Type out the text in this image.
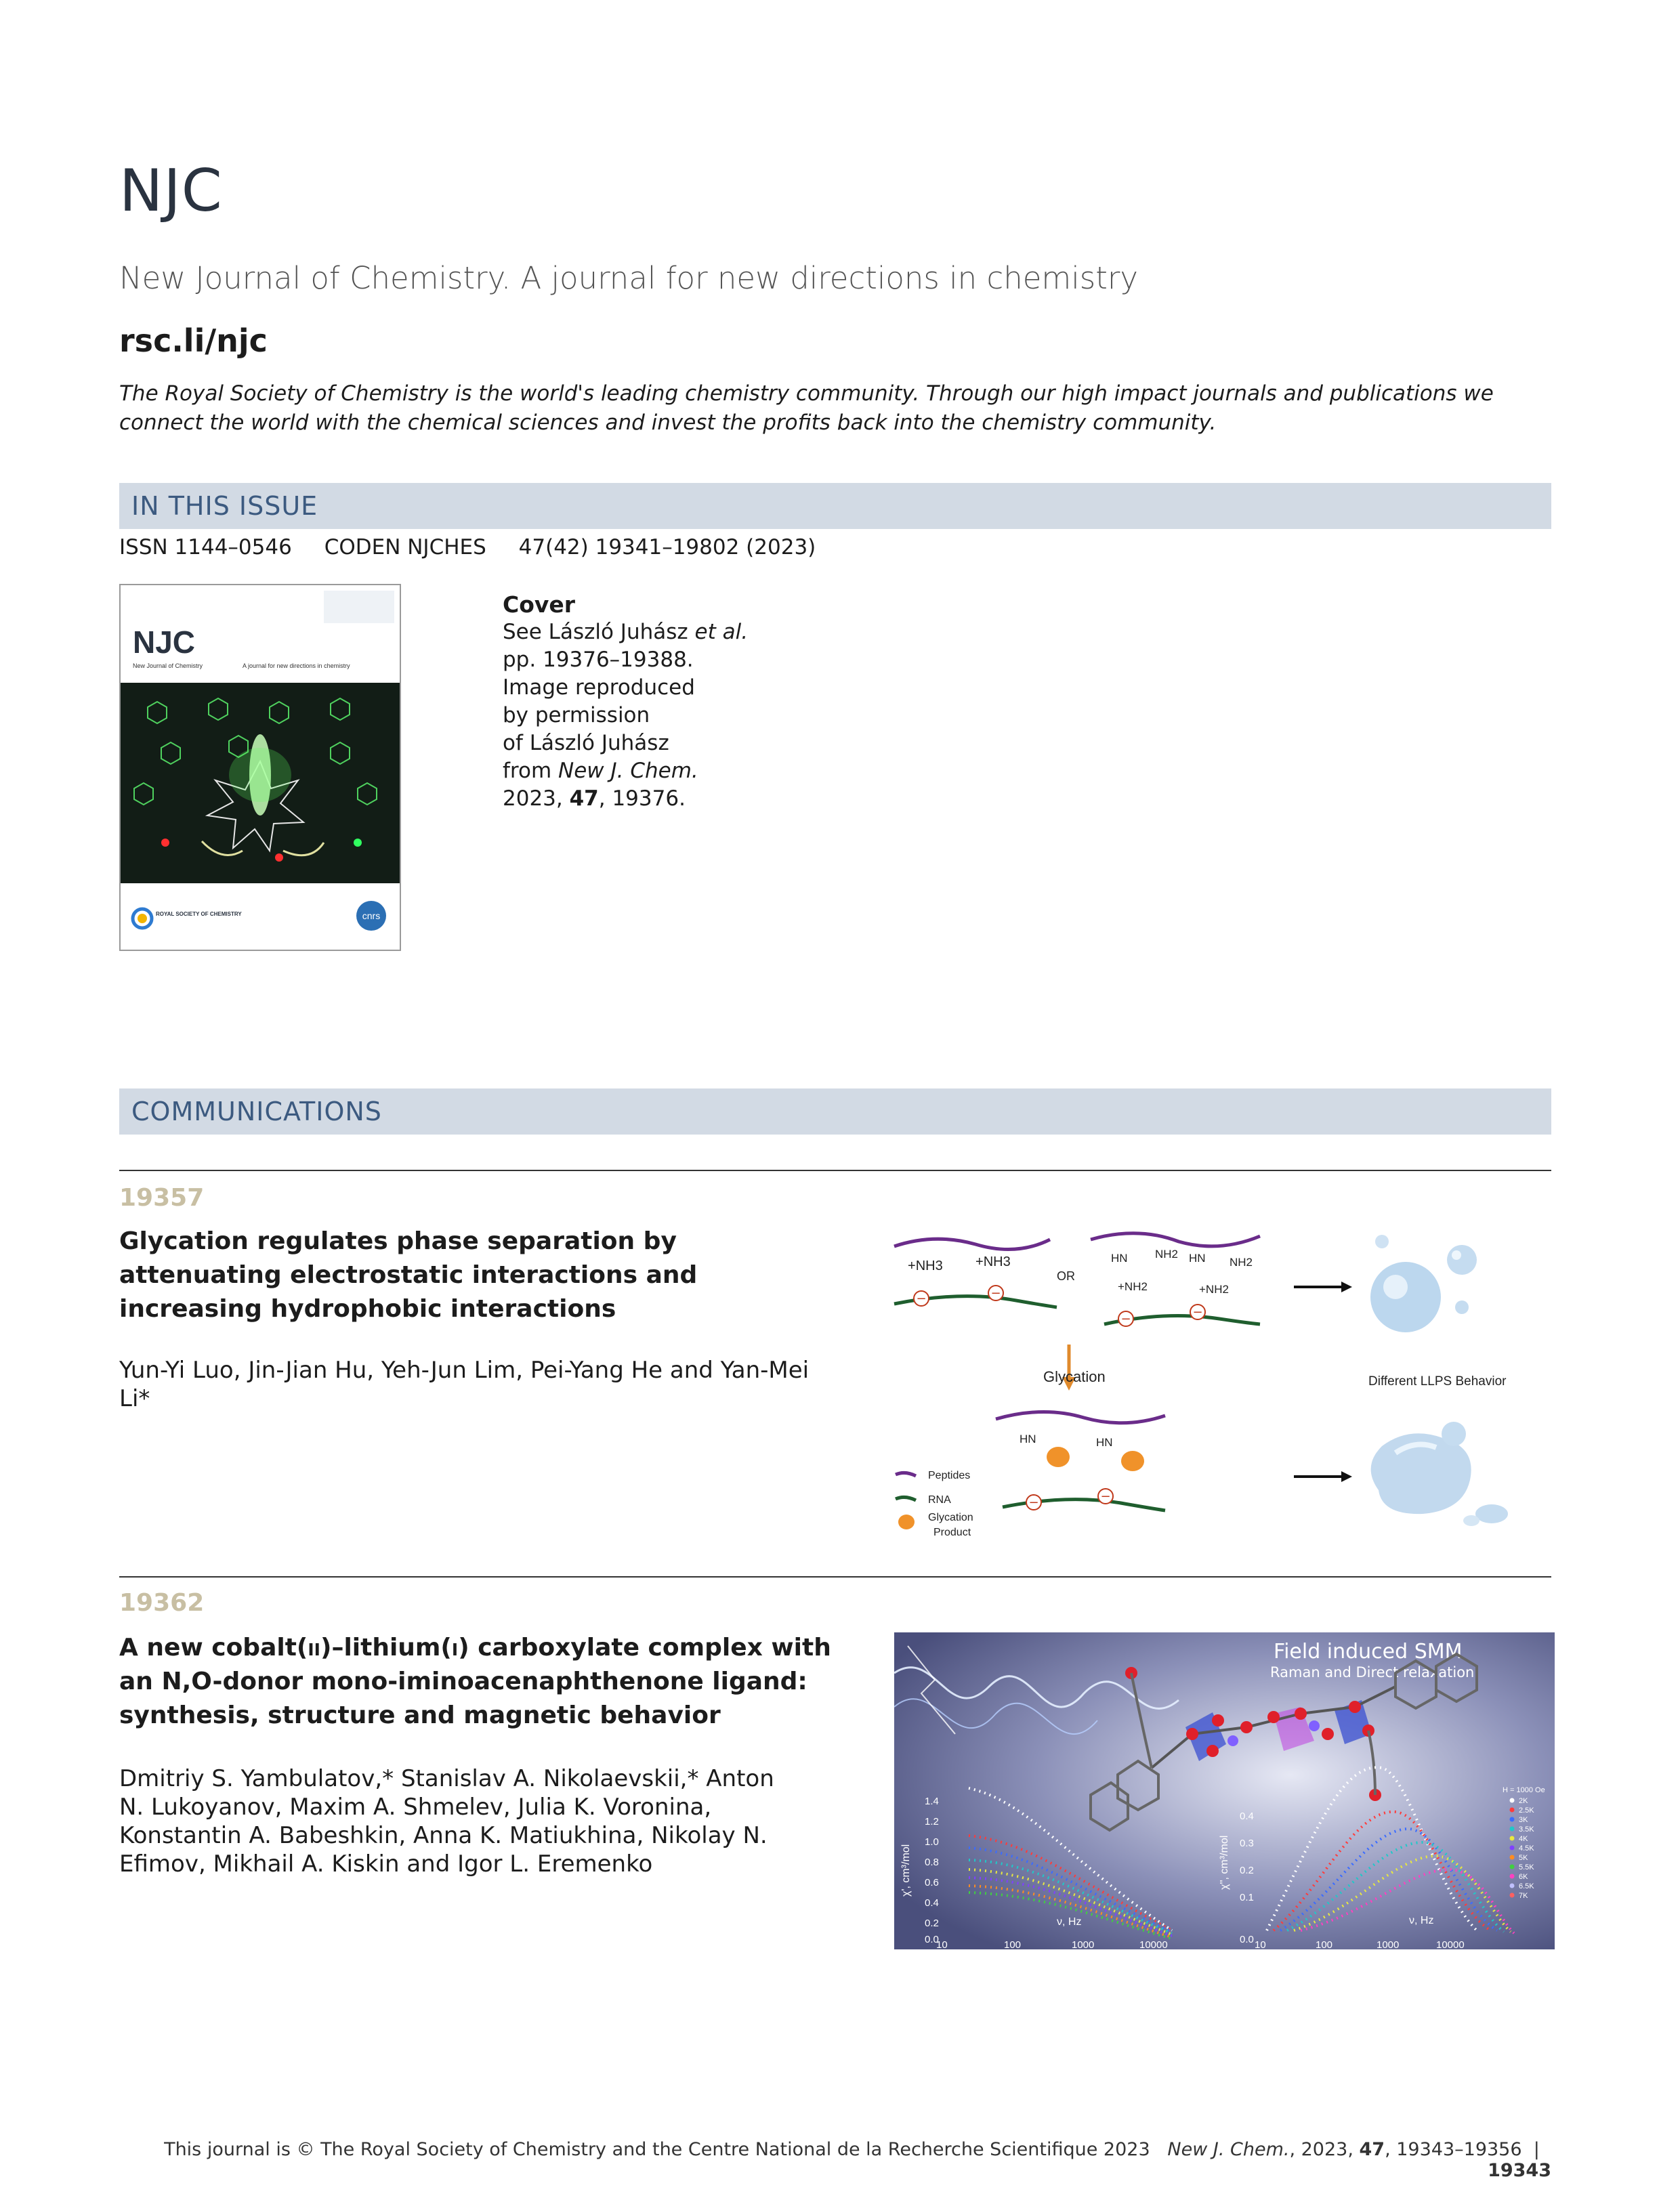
NJC
New Journal of Chemistry. A journal for new directions in chemistry
rsc.li/njc
The Royal Society of Chemistry is the world's leading chemistry community. Through our high impact journals and publications we connect the world with the chemical sciences and invest the profits back into the chemistry community.
IN THIS ISSUE
ISSN 1144–0546 CODEN NJCHES 47(42) 19341–19802 (2023)
NJC
New Journal of Chemistry	A journal for new directions in chemistry
ROYAL SOCIETY OF CHEMISTRY	cnrs
Cover
See László Juhász et al.
pp. 19376–19388.
Image reproduced
by permission
of László Juhász
from New J. Chem.
2023, 47, 19376.
COMMUNICATIONS
19357
Glycation regulates phase separation by attenuating electrostatic interactions and increasing hydrophobic interactions
Yun-Yi Luo, Jin-Jian Hu, Yeh-Jun Lim, Pei-Yang He and Yan-Mei Li*
+NH3 +NH3
−	−
OR
HN NH2 HN NH2
+NH2	+NH2
−	−
Different LLPS Behavior
Glycation
HN	HN
−	−
Peptides
RNA
Glycation
Product
19362
A new cobalt(ii)–lithium(i) carboxylate complex with an N,O-donor mono-iminoacenaphthenone ligand: synthesis, structure and magnetic behavior
Dmitriy S. Yambulatov,* Stanislav A. Nikolaevskii,* Anton N. Lukoyanov, Maxim A. Shmelev, Julia K. Voronina, Konstantin A. Babeshkin, Anna K. Matiukhina, Nikolay N. Efimov, Mikhail A. Kiskin and Igor L. Eremenko
Field induced SMM
Raman and Direct relaxation
1.4
1.2
1.0
0.8
0.6
0.4
0.2
0.0
χ', cm³/mol
10	100	1000	10000
ν, Hz
0.4
0.3
0.2
0.1
0.0
χ'', cm³/mol
10	100	1000	10000
ν, Hz
H = 1000 Oe
2K
2.5K
3K
3.5K
4K
4.5K
5K
5.5K
6K
6.5K
7K
This journal is © The Royal Society of Chemistry and the Centre National de la Recherche Scientifique 2023 New J. Chem., 2023, 47, 19343–19356 |   19343
